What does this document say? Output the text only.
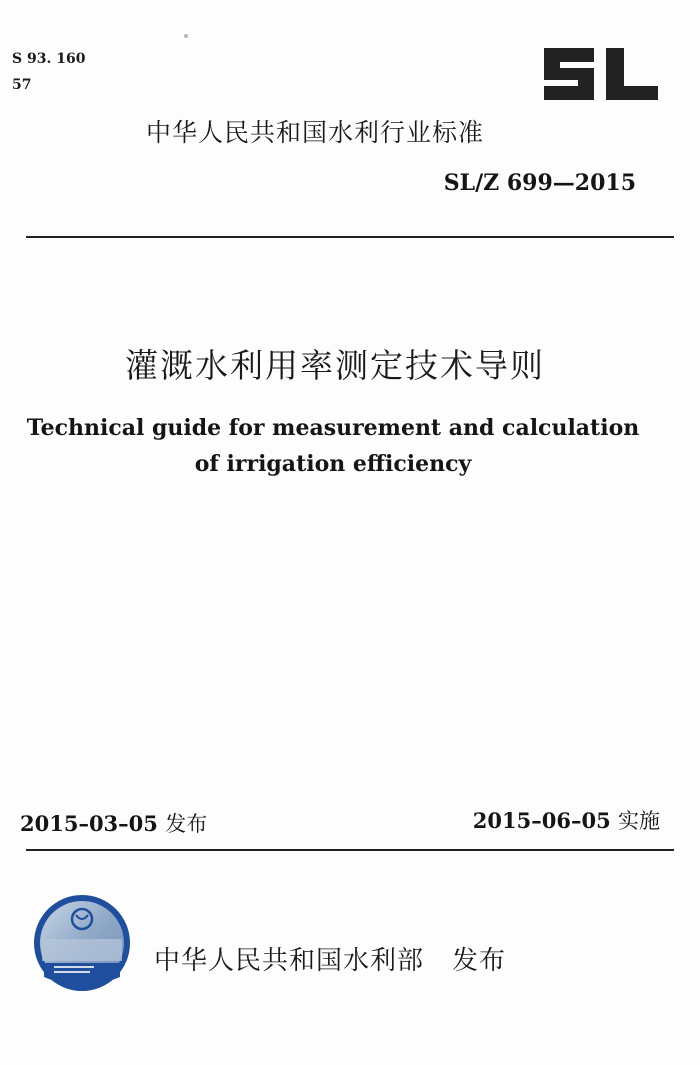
S 93. 160
57
中华人民共和国水利行业标准
SL/Z 699—2015
灌溉水利用率测定技术导则
Technical guide for measurement and calculation
of irrigation efficiency
2015–03–05 发布	2015–06–05 实施
中华人民共和国水利部 发布
